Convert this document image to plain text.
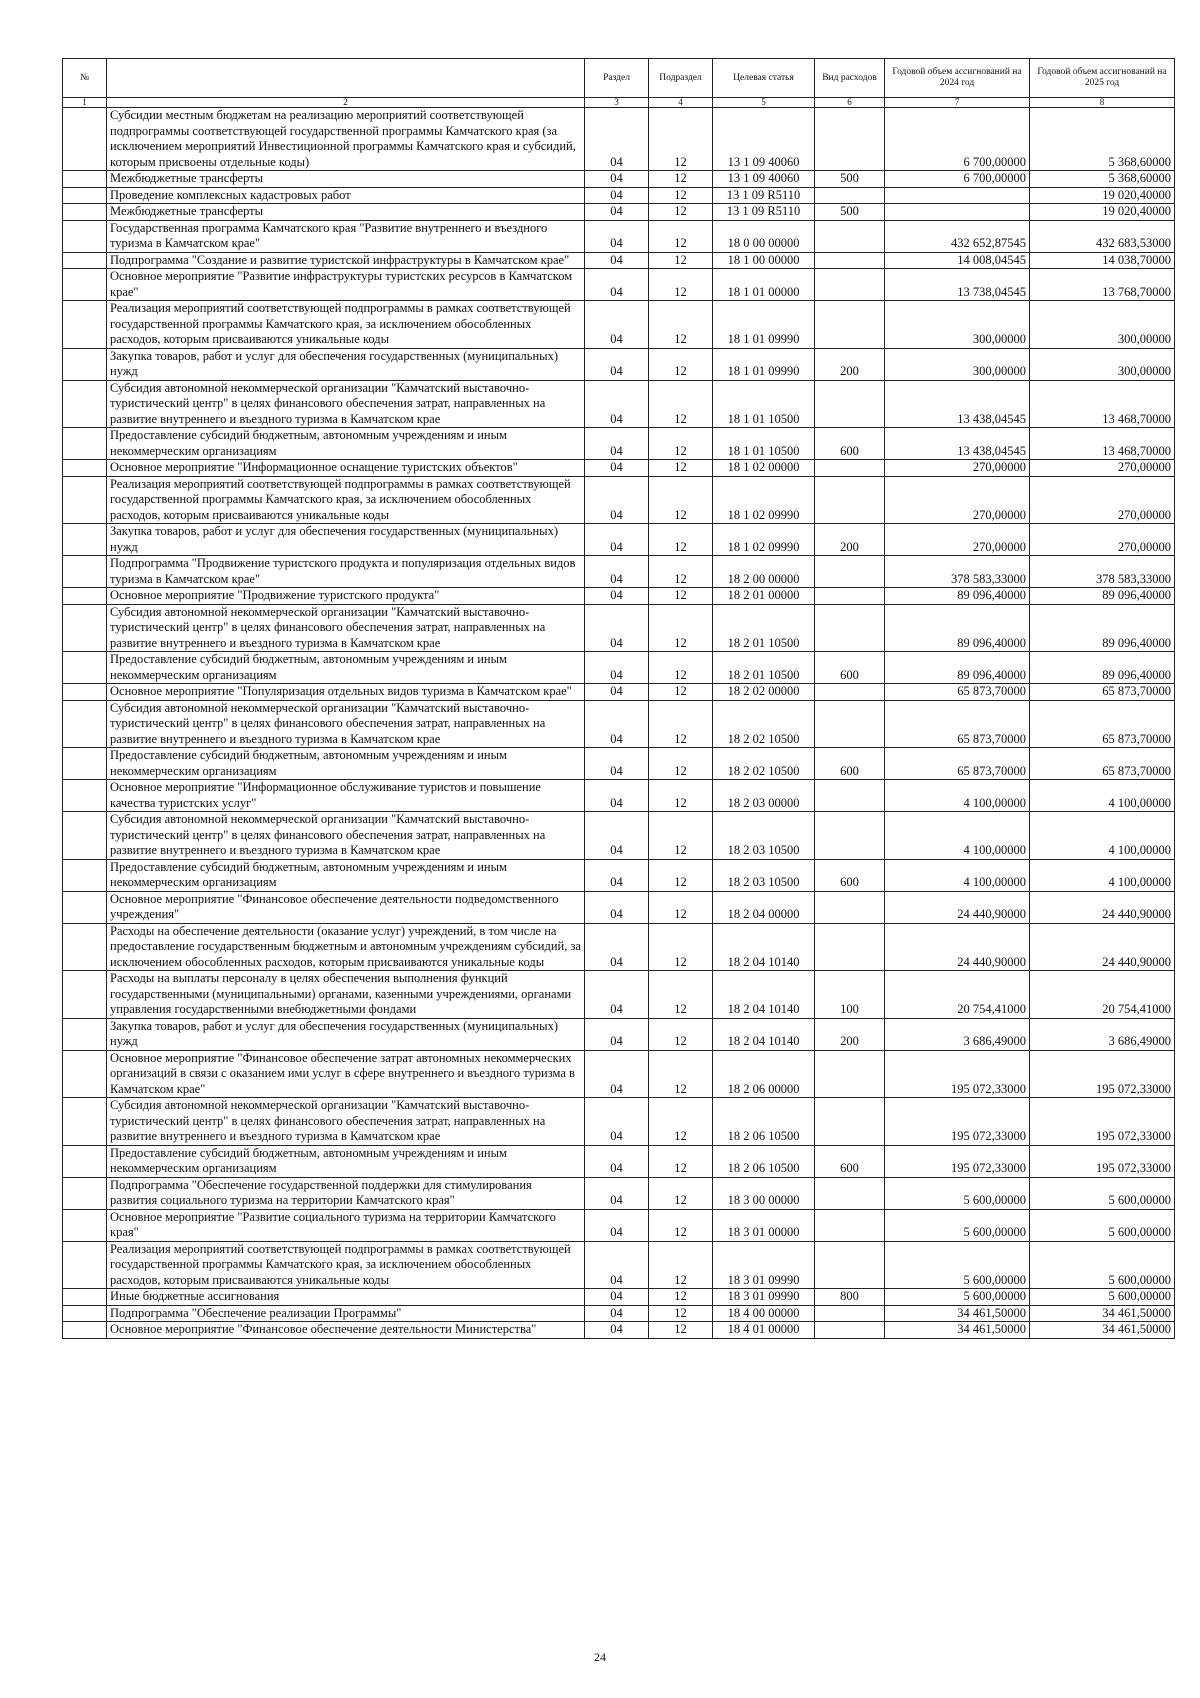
№		Раздел	Подраздел	Целевая статья	Вид расходов	Годовой объем ассигнований на 2024 год	Годовой объем ассигнований на 2025 год
1	2	3	4	5	6	7	8
	Субсидии местным бюджетам на реализацию мероприятий соответствующей подпрограммы соответствующей государственной программы Камчатского края (за исключением мероприятий Инвестиционной программы Камчатского края и субсидий, которым присвоены отдельные коды)	04	12	13 1 09 40060		6 700,00000	5 368,60000
	Межбюджетные трансферты	04	12	13 1 09 40060	500	6 700,00000	5 368,60000
	Проведение комплексных кадастровых работ	04	12	13 1 09 R5110			19 020,40000
	Межбюджетные трансферты	04	12	13 1 09 R5110	500		19 020,40000
	Государственная программа Камчатского края "Развитие внутреннего и въездного туризма в Камчатском крае"	04	12	18 0 00 00000		432 652,87545	432 683,53000
	Подпрограмма "Создание и развитие туристской инфраструктуры в Камчатском крае"	04	12	18 1 00 00000		14 008,04545	14 038,70000
	Основное мероприятие "Развитие инфраструктуры туристских ресурсов в Камчатском крае"	04	12	18 1 01 00000		13 738,04545	13 768,70000
	Реализация мероприятий соответствующей подпрограммы в рамках соответствующей государственной программы Камчатского края, за исключением обособленных расходов, которым присваиваются уникальные коды	04	12	18 1 01 09990		300,00000	300,00000
	Закупка товаров, работ и услуг для обеспечения государственных (муниципальных) нужд	04	12	18 1 01 09990	200	300,00000	300,00000
	Субсидия автономной некоммерческой организации "Камчатский выставочно-туристический центр" в целях финансового обеспечения затрат, направленных на развитие внутреннего и въездного туризма в Камчатском крае	04	12	18 1 01 10500		13 438,04545	13 468,70000
	Предоставление субсидий бюджетным, автономным учреждениям и иным некоммерческим организациям	04	12	18 1 01 10500	600	13 438,04545	13 468,70000
	Основное мероприятие "Информационное оснащение туристских объектов"	04	12	18 1 02 00000		270,00000	270,00000
	Реализация мероприятий соответствующей подпрограммы в рамках соответствующей государственной программы Камчатского края, за исключением обособленных расходов, которым присваиваются уникальные коды	04	12	18 1 02 09990		270,00000	270,00000
	Закупка товаров, работ и услуг для обеспечения государственных (муниципальных) нужд	04	12	18 1 02 09990	200	270,00000	270,00000
	Подпрограмма "Продвижение туристского продукта и популяризация отдельных видов туризма в Камчатском крае"	04	12	18 2 00 00000		378 583,33000	378 583,33000
	Основное мероприятие "Продвижение туристского продукта"	04	12	18 2 01 00000		89 096,40000	89 096,40000
	Субсидия автономной некоммерческой организации "Камчатский выставочно-туристический центр" в целях финансового обеспечения затрат, направленных на развитие внутреннего и въездного туризма в Камчатском крае	04	12	18 2 01 10500		89 096,40000	89 096,40000
	Предоставление субсидий бюджетным, автономным учреждениям и иным некоммерческим организациям	04	12	18 2 01 10500	600	89 096,40000	89 096,40000
	Основное мероприятие "Популяризация отдельных видов туризма в Камчатском крае"	04	12	18 2 02 00000		65 873,70000	65 873,70000
	Субсидия автономной некоммерческой организации "Камчатский выставочно-туристический центр" в целях финансового обеспечения затрат, направленных на развитие внутреннего и въездного туризма в Камчатском крае	04	12	18 2 02 10500		65 873,70000	65 873,70000
	Предоставление субсидий бюджетным, автономным учреждениям и иным некоммерческим организациям	04	12	18 2 02 10500	600	65 873,70000	65 873,70000
	Основное мероприятие "Информационное обслуживание туристов и повышение качества туристских услуг"	04	12	18 2 03 00000		4 100,00000	4 100,00000
	Субсидия автономной некоммерческой организации "Камчатский выставочно-туристический центр" в целях финансового обеспечения затрат, направленных на развитие внутреннего и въездного туризма в Камчатском крае	04	12	18 2 03 10500		4 100,00000	4 100,00000
	Предоставление субсидий бюджетным, автономным учреждениям и иным некоммерческим организациям	04	12	18 2 03 10500	600	4 100,00000	4 100,00000
	Основное мероприятие "Финансовое обеспечение деятельности подведомственного учреждения"	04	12	18 2 04 00000		24 440,90000	24 440,90000
	Расходы на обеспечение деятельности (оказание услуг) учреждений, в том числе на предоставление государственным бюджетным и автономным учреждениям субсидий, за исключением обособленных расходов, которым присваиваются уникальные коды	04	12	18 2 04 10140		24 440,90000	24 440,90000
	Расходы на выплаты персоналу в целях обеспечения выполнения функций государственными (муниципальными) органами, казенными учреждениями, органами управления государственными внебюджетными фондами	04	12	18 2 04 10140	100	20 754,41000	20 754,41000
	Закупка товаров, работ и услуг для обеспечения государственных (муниципальных) нужд	04	12	18 2 04 10140	200	3 686,49000	3 686,49000
	Основное мероприятие "Финансовое обеспечение затрат автономных некоммерческих организаций в связи с оказанием ими услуг в сфере внутреннего и въездного туризма в Камчатском крае"	04	12	18 2 06 00000		195 072,33000	195 072,33000
	Субсидия автономной некоммерческой организации "Камчатский выставочно-туристический центр" в целях финансового обеспечения затрат, направленных на развитие внутреннего и въездного туризма в Камчатском крае	04	12	18 2 06 10500		195 072,33000	195 072,33000
	Предоставление субсидий бюджетным, автономным учреждениям и иным некоммерческим организациям	04	12	18 2 06 10500	600	195 072,33000	195 072,33000
	Подпрограмма "Обеспечение государственной поддержки для стимулирования развития социального туризма на территории Камчатского края"	04	12	18 3 00 00000		5 600,00000	5 600,00000
	Основное мероприятие "Развитие социального туризма на территории Камчатского края"	04	12	18 3 01 00000		5 600,00000	5 600,00000
	Реализация мероприятий соответствующей подпрограммы в рамках соответствующей государственной программы Камчатского края, за исключением обособленных расходов, которым присваиваются уникальные коды	04	12	18 3 01 09990		5 600,00000	5 600,00000
	Иные бюджетные ассигнования	04	12	18 3 01 09990	800	5 600,00000	5 600,00000
	Подпрограмма "Обеспечение реализации Программы"	04	12	18 4 00 00000		34 461,50000	34 461,50000
	Основное мероприятие "Финансовое обеспечение деятельности Министерства"	04	12	18 4 01 00000		34 461,50000	34 461,50000
24
